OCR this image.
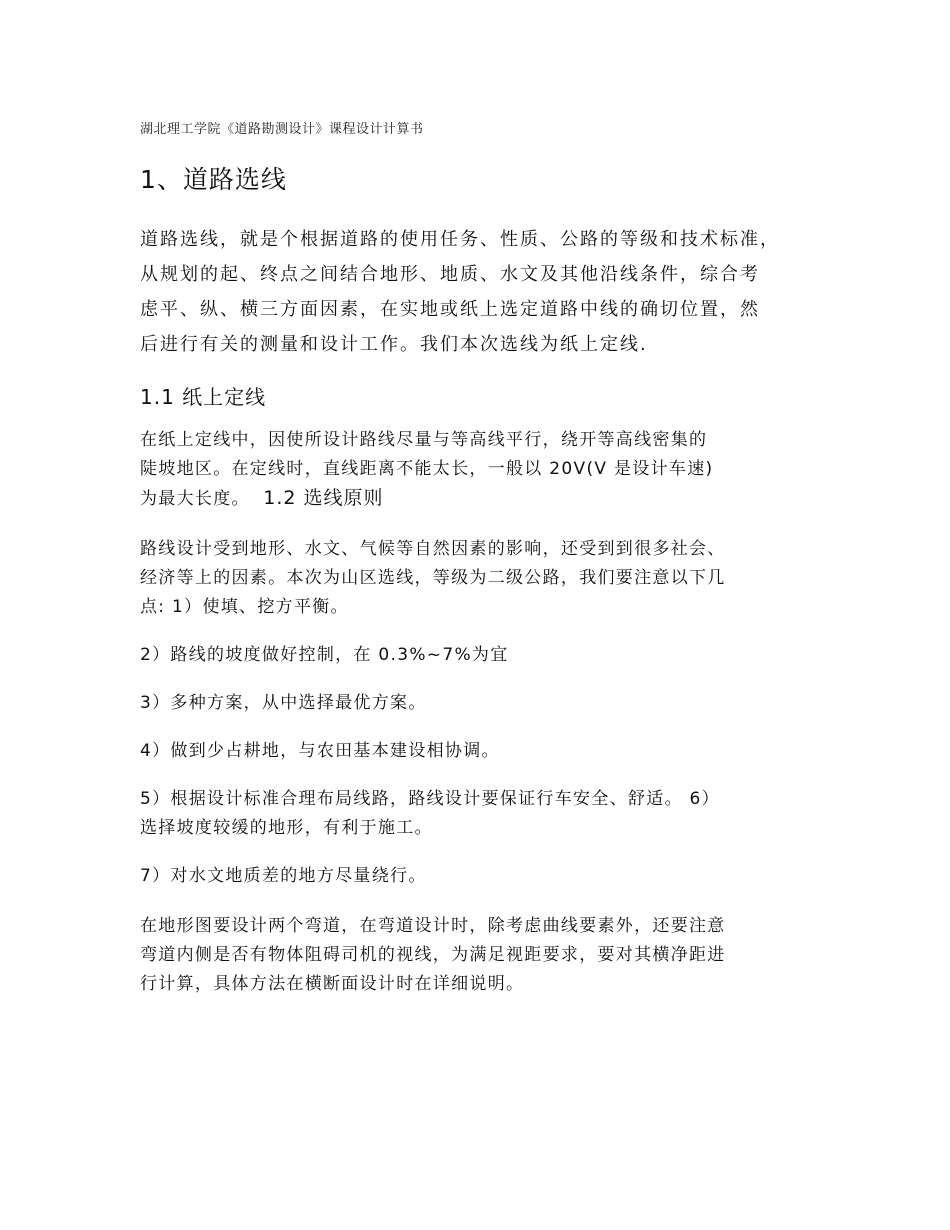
湖北理工学院《道路勘测设计》课程设计计算书
1、道路选线
道路选线，就是个根据道路的使用任务、性质、公路的等级和技术标准，
从规划的起、终点之间结合地形、地质、水文及其他沿线条件，综合考
虑平、纵、横三方面因素，在实地或纸上选定道路中线的确切位置，然
后进行有关的测量和设计工作。我们本次选线为纸上定线.
1.1 纸上定线
在纸上定线中，因使所设计路线尽量与等高线平行，绕开等高线密集的
陡坡地区。在定线时，直线距离不能太长，一般以 20V(V 是设计车速)
为最大长度。 1.2 选线原则
路线设计受到地形、水文、气候等自然因素的影响，还受到到很多社会、
经济等上的因素。本次为山区选线，等级为二级公路，我们要注意以下几
点: 1）使填、挖方平衡。
2）路线的坡度做好控制，在 0.3%~7%为宜
3）多种方案，从中选择最优方案。
4）做到少占耕地，与农田基本建设相协调。
5）根据设计标准合理布局线路，路线设计要保证行车安全、舒适。 6）
选择坡度较缓的地形，有利于施工。
7）对水文地质差的地方尽量绕行。
在地形图要设计两个弯道，在弯道设计时，除考虑曲线要素外，还要注意
弯道内侧是否有物体阻碍司机的视线，为满足视距要求，要对其横净距进
行计算，具体方法在横断面设计时在详细说明。
